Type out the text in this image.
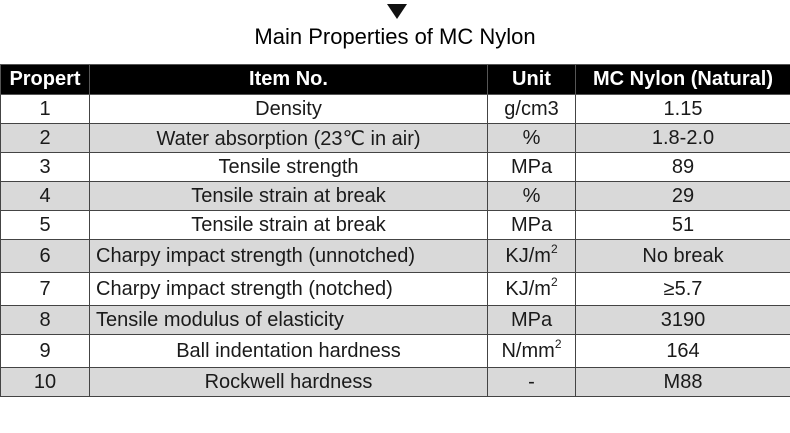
Main Properties of MC Nylon
Propert	Item No.	Unit	MC Nylon (Natural)
1	Density	g/cm3	1.15
2	Water absorption (23℃ in air)	%	1.8-2.0
3	Tensile strength	MPa	89
4	Tensile strain at break	%	29
5	Tensile strain at break	MPa	51
6	Charpy impact strength (unnotched)	$KJ/m^2$	No break
7	Charpy impact strength (notched)	$KJ/m^2$	≥5.7
8	Tensile modulus of elasticity	MPa	3190
9	Ball indentation hardness	$N/mm^2$	164
10	Rockwell hardness	-	M88
